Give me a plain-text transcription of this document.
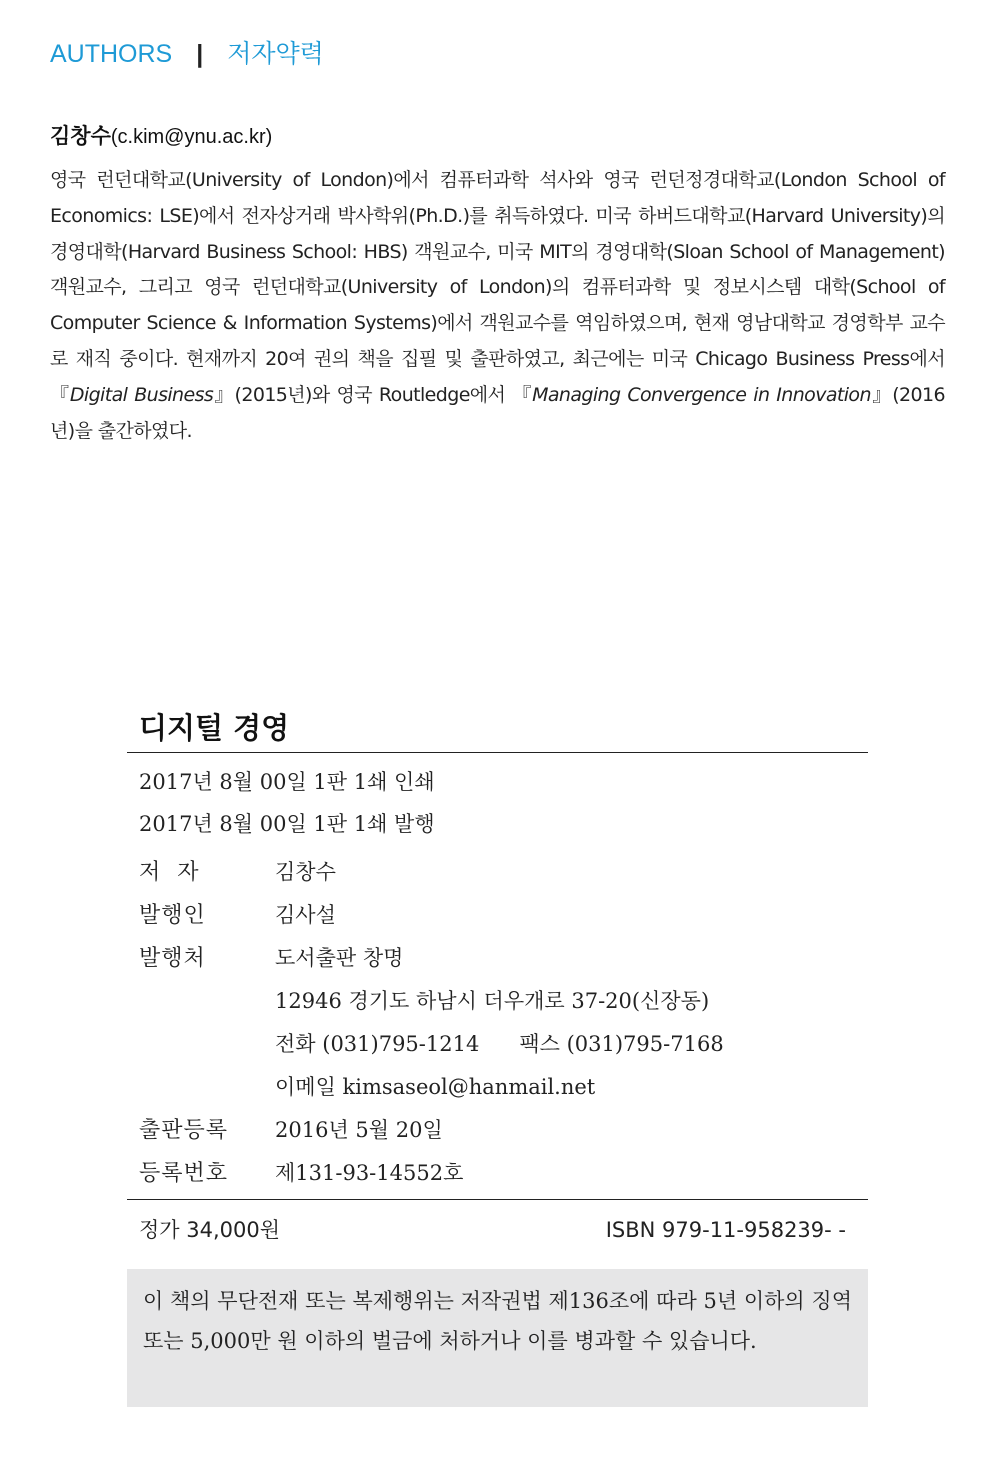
AUTHORS | 저자약력
김창수(c.kim@ynu.ac.kr)
영국 런던대학교(University of London)에서 컴퓨터과학 석사와 영국 런던정경대학교(London School of Economics: LSE)에서 전자상거래 박사학위(Ph.D.)를 취득하였다. 미국 하버드대학교(Harvard University)의 경영대학(Harvard Business School: HBS) 객원교수, 미국 MIT의 경영대학(Sloan School of Management) 객원교수, 그리고 영국 런던대학교(University of London)의 컴퓨터과학 및 정보시스템 대학(School of Computer Science & Information Systems)에서 객원교수를 역임하였으며, 현재 영남대학교 경영학부 교수로 재직 중이다. 현재까지 20여 권의 책을 집필 및 출판하였고, 최근에는 미국 Chicago Business Press에서 『Digital Business』(2015년)와 영국 Routledge에서 『Managing Convergence in Innovation』(2016년)을 출간하였다.
디지털 경영
2017년 8월 00일 1판 1쇄 인쇄
2017년 8월 00일 1판 1쇄 발행
저  자	김창수
발행인	김사설
발행처	도서출판 창명
12946 경기도 하남시 더우개로 37-20(신장동)
전화 (031)795-1214 팩스 (031)795-7168
이메일 kimsaseol@hanmail.net
출판등록	2016년 5월 20일
등록번호	제131-93-14552호
정가 34,000원	ISBN 979-11-958239- -

이 책의 무단전재 또는 복제행위는 저작권법 제136조에 따라 5년 이하의 징역 또는 5,000만 원 이하의 벌금에 처하거나 이를 병과할 수 있습니다.
